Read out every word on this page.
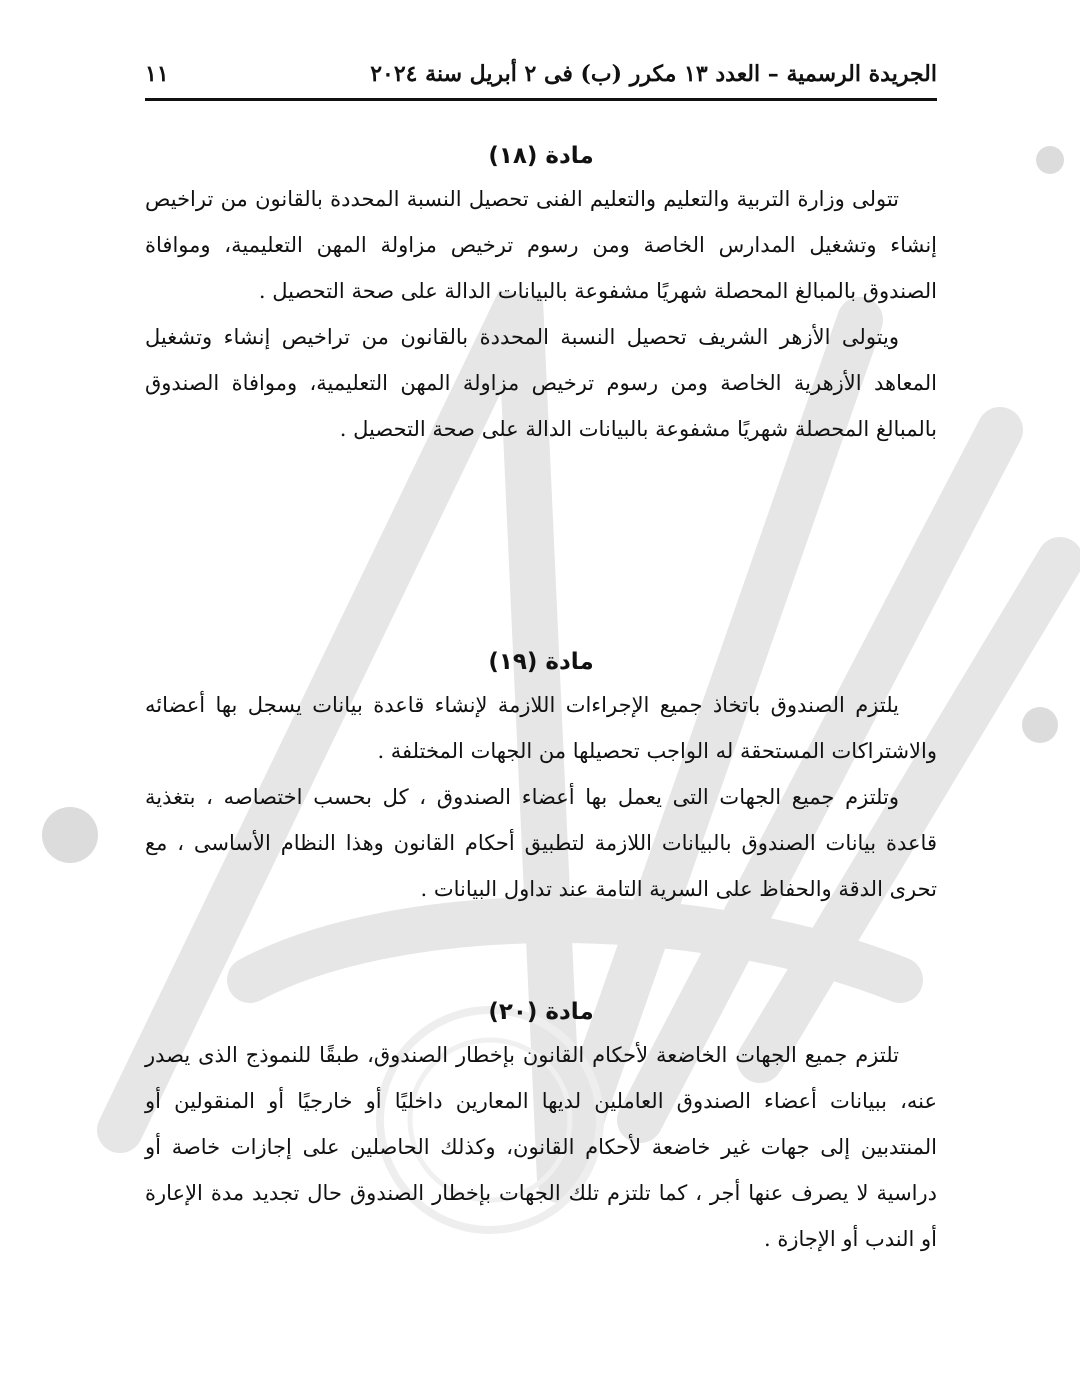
الجريدة الرسمية – العدد ١٣ مكرر (ب) فى ٢ أبريل سنة ٢٠٢٤
١١
مادة (١٨)

تتولى وزارة التربية والتعليم والتعليم الفنى تحصيل النسبة المحددة بالقانون من تراخيص إنشاء وتشغيل المدارس الخاصة ومن رسوم ترخيص مزاولة المهن التعليمية، وموافاة الصندوق بالمبالغ المحصلة شهريًا مشفوعة بالبيانات الدالة على صحة التحصيل .

ويتولى الأزهر الشريف تحصيل النسبة المحددة بالقانون من تراخيص إنشاء وتشغيل المعاهد الأزهرية الخاصة ومن رسوم ترخيص مزاولة المهن التعليمية، وموافاة الصندوق بالمبالغ المحصلة شهريًا مشفوعة بالبيانات الدالة على صحة التحصيل .

مادة (١٩)

يلتزم الصندوق باتخاذ جميع الإجراءات اللازمة لإنشاء قاعدة بيانات يسجل بها أعضائه والاشتراكات المستحقة له الواجب تحصيلها من الجهات المختلفة .

وتلتزم جميع الجهات التى يعمل بها أعضاء الصندوق ، كل بحسب اختصاصه ، بتغذية قاعدة بيانات الصندوق بالبيانات اللازمة لتطبيق أحكام القانون وهذا النظام الأساسى ، مع تحرى الدقة والحفاظ على السرية التامة عند تداول البيانات .

مادة (٢٠)

تلتزم جميع الجهات الخاضعة لأحكام القانون بإخطار الصندوق، طبقًا للنموذج الذى يصدر عنه، ببيانات أعضاء الصندوق العاملين لديها المعارين داخليًا أو خارجيًا أو المنقولين أو المنتدبين إلى جهات غير خاضعة لأحكام القانون، وكذلك الحاصلين على إجازات خاصة أو دراسية لا يصرف عنها أجر ، كما تلتزم تلك الجهات بإخطار الصندوق حال تجديد مدة الإعارة أو الندب أو الإجازة .
